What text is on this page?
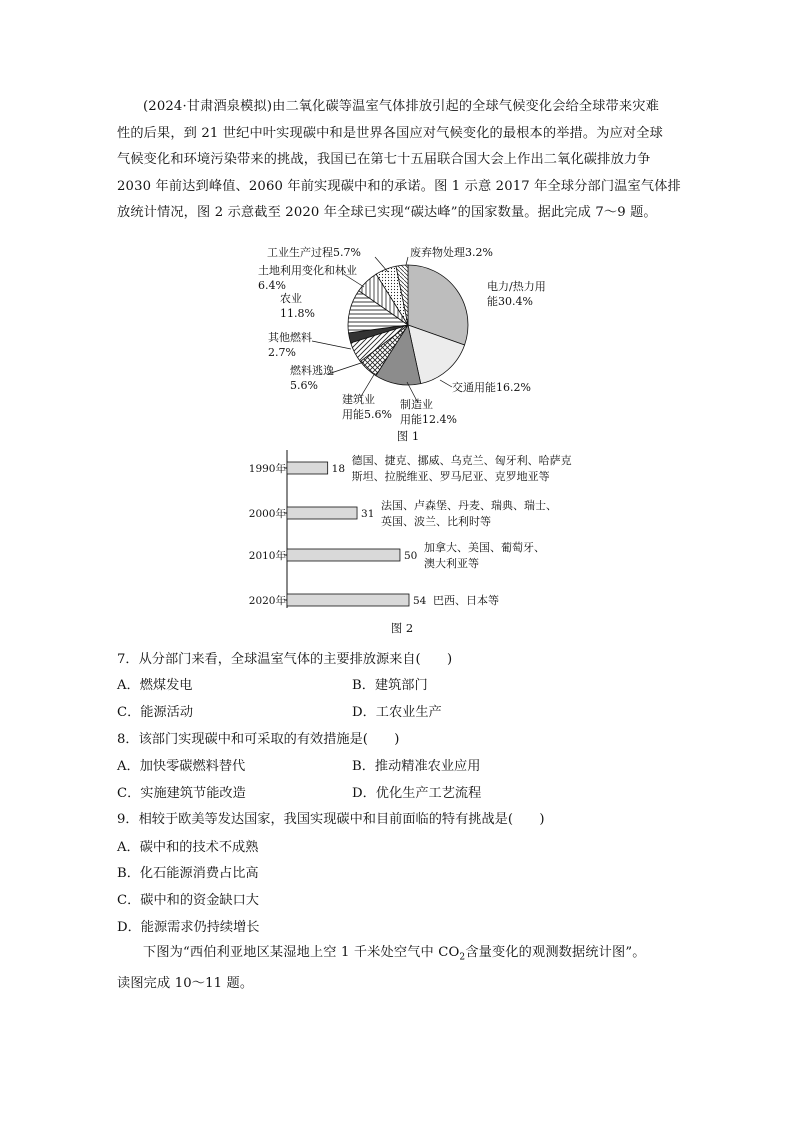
(2024·甘肃酒泉模拟)由二氧化碳等温室气体排放引起的全球气候变化会给全球带来灾难
性的后果，到 21 世纪中叶实现碳中和是世界各国应对气候变化的最根本的举措。为应对全球
气候变化和环境污染带来的挑战，我国已在第七十五届联合国大会上作出二氧化碳排放力争
2030 年前达到峰值、2060 年前实现碳中和的承诺。图 1 示意 2017 年全球分部门温室气体排
放统计情况，图 2 示意截至 2020 年全球已实现“碳达峰”的国家数量。据此完成 7～9 题。
电力/热力用
能30.4%
交通用能16.2%
制造业
用能12.4%
建筑业
用能5.6%
燃料逃逸
5.6%
其他燃料
2.7%
农业
11.8%
土地利用变化和林业
6.4%
工业生产过程5.7%	废弃物处理3.2%
图 1
1990年	18
德国、捷克、挪威、乌克兰、匈牙利、哈萨克
斯坦、拉脱维亚、罗马尼亚、克罗地亚等
2000年	31
法国、卢森堡、丹麦、瑞典、瑞士、
英国、波兰、比利时等
2010年	50
加拿大、美国、葡萄牙、
澳大利亚等
2020年	54 巴西、日本等
图 2
7．从分部门来看，全球温室气体的主要排放源来自(　　)
A．燃煤发电	B．建筑部门
C．能源活动	D．工农业生产
8．该部门实现碳中和可采取的有效措施是(　　)
A．加快零碳燃料替代	B．推动精准农业应用
C．实施建筑节能改造	D．优化生产工艺流程
9．相较于欧美等发达国家，我国实现碳中和目前面临的特有挑战是(　　)
A．碳中和的技术不成熟
B．化石能源消费占比高
C．碳中和的资金缺口大
D．能源需求仍持续增长
下图为“西伯利亚地区某湿地上空 1 千米处空气中 $CO_2$含量变化的观测数据统计图”。
读图完成 10～11 题。
